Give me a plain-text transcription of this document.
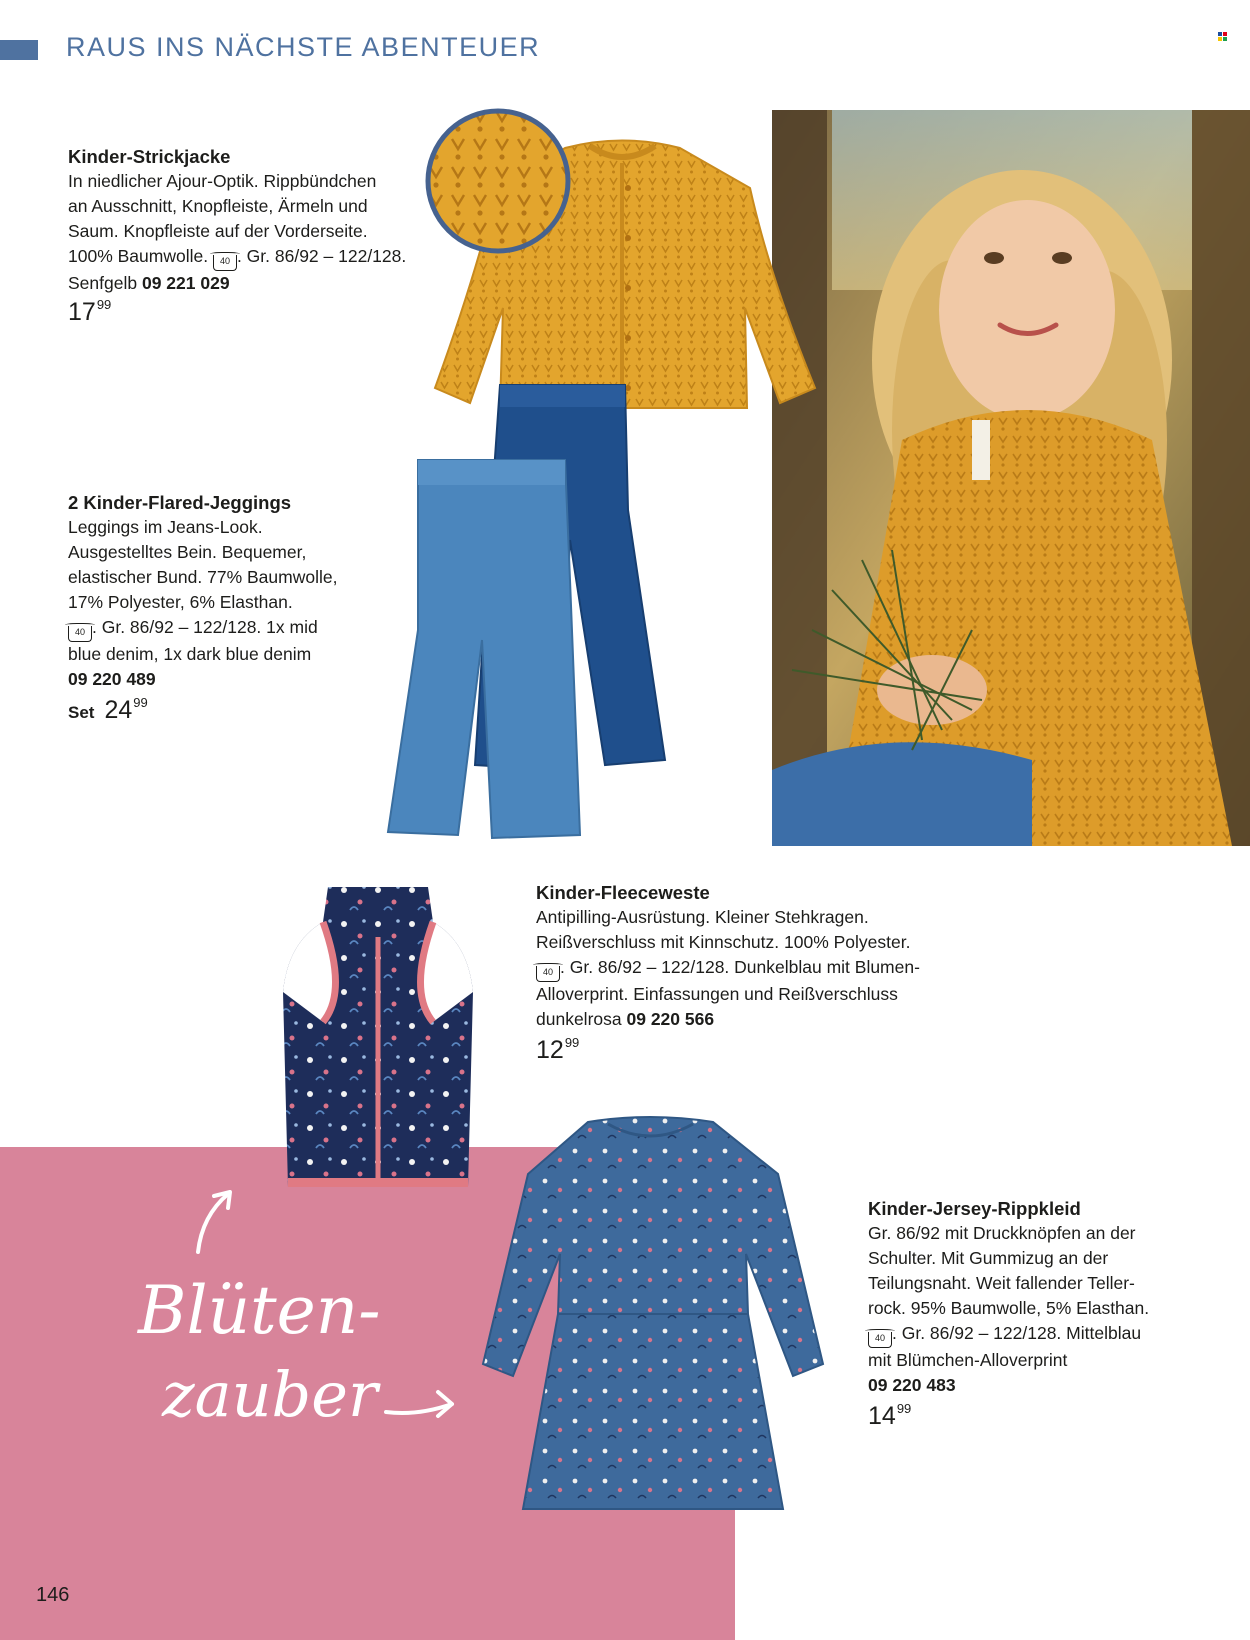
RAUS INS NÄCHSTE ABENTEUER
Kinder-Strickjacke
In niedlicher Ajour-Optik. Rippbündchen
an Ausschnitt, Knopfleiste, Ärmeln und
Saum. Knopfleiste auf der Vorderseite.
100% Baumwolle. 40 . Gr. 86/92 – 122/128.
Senfgelb 09 221 029
$17^{99}$
2 Kinder-Flared-Jeggings
Leggings im Jeans-Look.
Ausgestelltes Bein. Bequemer,
elastischer Bund. 77% Baumwolle,
17% Polyester, 6% Elasthan.
40 . Gr. 86/92 – 122/128. 1x mid
blue denim, 1x dark blue denim
09 220 489
Set $24^{99}$
Kinder-Fleeceweste
Antipilling-Ausrüstung. Kleiner Stehkragen.
Reißverschluss mit Kinnschutz. 100% Polyester.
40 . Gr. 86/92 – 122/128. Dunkelblau mit Blumen-
Alloverprint. Einfassungen und Reißverschluss
dunkelrosa 09 220 566
$12^{99}$
Kinder-Jersey-Rippkleid
Gr. 86/92 mit Druckknöpfen an der
Schulter. Mit Gummizug an der
Teilungsnaht. Weit fallender Teller-
rock. 95% Baumwolle, 5% Elasthan.
40 . Gr. 86/92 – 122/128. Mittelblau
mit Blümchen-Alloverprint
09 220 483
$14^{99}$
Blüten-
zauber
146
